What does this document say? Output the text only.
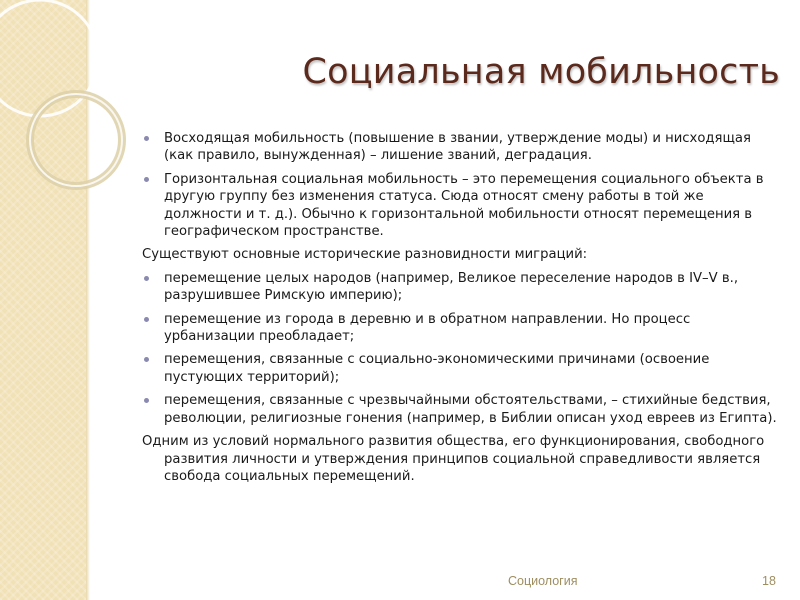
Социальная мобильность
Восходящая мобильность (повышение в звании, утверждение моды) и нисходящая (как правило, вынужденная) – лишение званий, деградация.
Горизонтальная социальная мобильность – это перемещения социального объекта в другую группу без изменения статуса. Сюда относят смену работы в той же должности и т. д.). Обычно к горизонтальной мобильности относят перемещения в географическом пространстве.
Существуют основные исторические разновидности миграций:
перемещение целых народов (например, Великое переселение народов в IV–V в., разрушившее Римскую империю);
перемещение из города в деревню и в обратном направлении. Но процесс урбанизации преобладает;
перемещения, связанные с социально-экономическими причинами (освоение пустующих территорий);
перемещения, связанные с чрезвычайными обстоятельствами, – стихийные бедствия, революции, религиозные гонения (например, в Библии описан уход евреев из Египта).
Одним из условий нормального развития общества, его функционирования, свободного развития личности и утверждения принципов социальной справедливости является свобода социальных перемещений.
Социология	18
